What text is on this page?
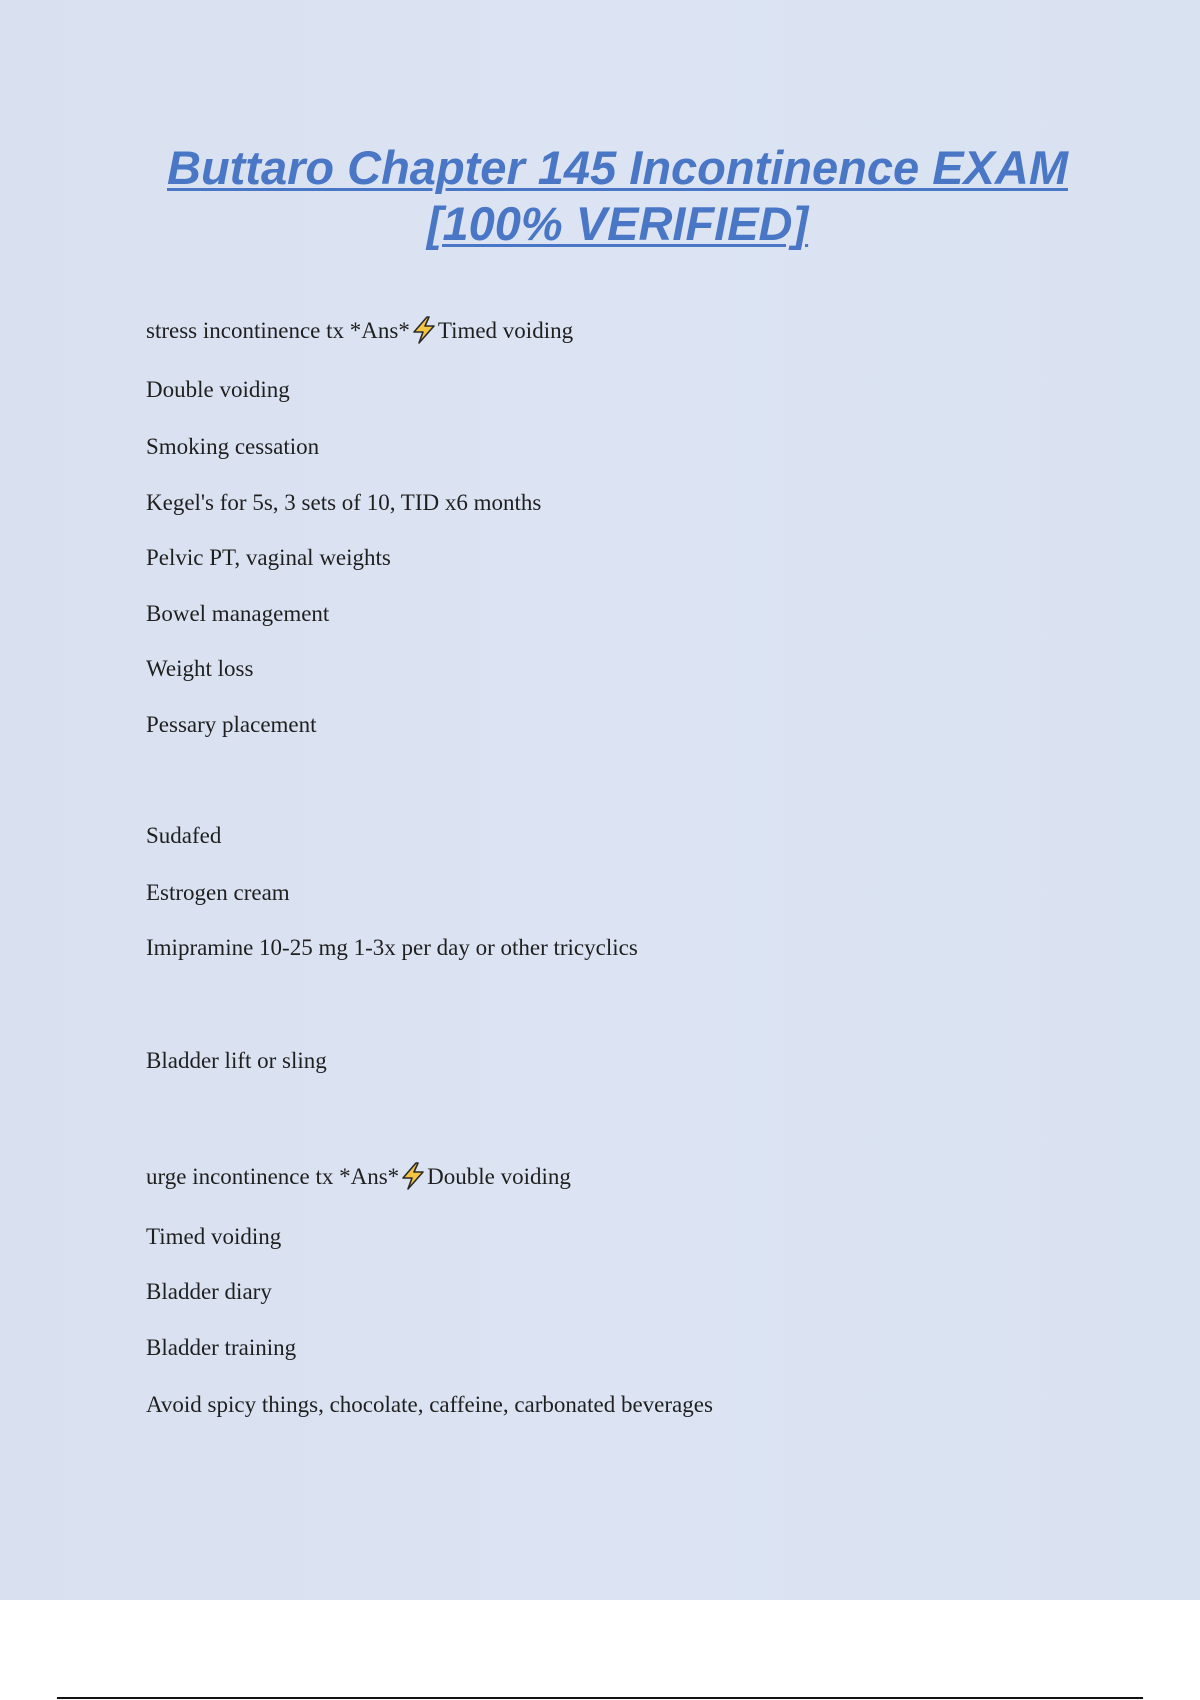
Buttaro Chapter 145 Incontinence EXAM [100% VERIFIED]
stress incontinence tx *Ans* Timed voiding
Double voiding
Smoking cessation
Kegel's for 5s, 3 sets of 10, TID x6 months
Pelvic PT, vaginal weights
Bowel management
Weight loss
Pessary placement
Sudafed
Estrogen cream
Imipramine 10-25 mg 1-3x per day or other tricyclics
Bladder lift or sling
urge incontinence tx *Ans* Double voiding
Timed voiding
Bladder diary
Bladder training
Avoid spicy things, chocolate, caffeine, carbonated beverages
